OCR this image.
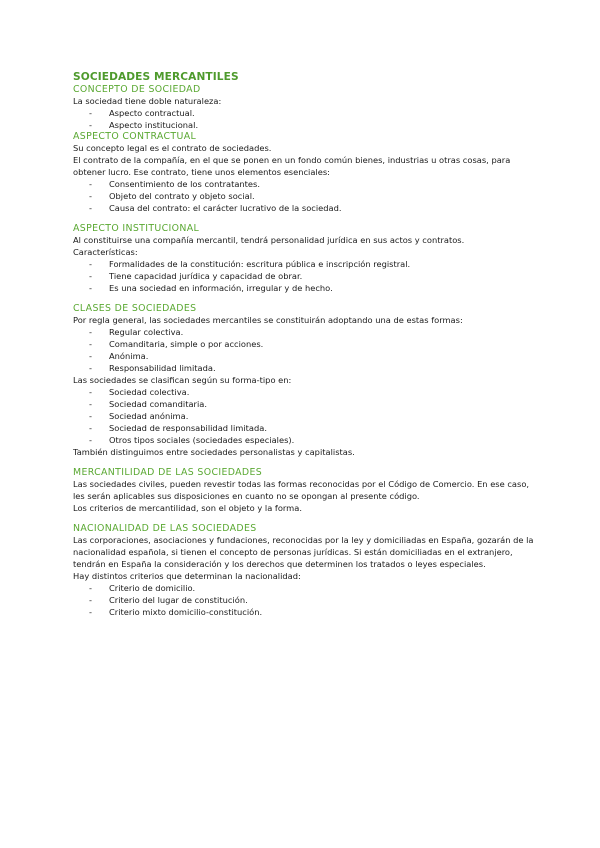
SOCIEDADES MERCANTILES
CONCEPTO DE SOCIEDAD

La sociedad tiene doble naturaleza:

- Aspecto contractual.
- Aspecto institucional.
ASPECTO CONTRACTUAL

Su concepto legal es el contrato de sociedades.

El contrato de la compañía, en el que se ponen en un fondo común bienes, industrias u otras cosas, para obtener lucro. Ese contrato, tiene unos elementos esenciales:

- Consentimiento de los contratantes.
- Objeto del contrato y objeto social.
- Causa del contrato: el carácter lucrativo de la sociedad.
ASPECTO INSTITUCIONAL

Al constituirse una compañía mercantil, tendrá personalidad jurídica en sus actos y contratos.

Características:

- Formalidades de la constitución: escritura pública e inscripción registral.
- Tiene capacidad jurídica y capacidad de obrar.
- Es una sociedad en información, irregular y de hecho.
CLASES DE SOCIEDADES

Por regla general, las sociedades mercantiles se constituirán adoptando una de estas formas:

- Regular colectiva.
- Comanditaria, simple o por acciones.
- Anónima.
- Responsabilidad limitada.

Las sociedades se clasifican según su forma-tipo en:

- Sociedad colectiva.
- Sociedad comanditaria.
- Sociedad anónima.
- Sociedad de responsabilidad limitada.
- Otros tipos sociales (sociedades especiales).

También distinguimos entre sociedades personalistas y capitalistas.

MERCANTILIDAD DE LAS SOCIEDADES

Las sociedades civiles, pueden revestir todas las formas reconocidas por el Código de Comercio. En ese caso, les serán aplicables sus disposiciones en cuanto no se opongan al presente código.

Los criterios de mercantilidad, son el objeto y la forma.

NACIONALIDAD DE LAS SOCIEDADES

Las corporaciones, asociaciones y fundaciones, reconocidas por la ley y domiciliadas en España, gozarán de la nacionalidad española, si tienen el concepto de personas jurídicas. Si están domiciliadas en el extranjero, tendrán en España la consideración y los derechos que determinen los tratados o leyes especiales.

Hay distintos criterios que determinan la nacionalidad:

- Criterio de domicilio.
- Criterio del lugar de constitución.
- Criterio mixto domicilio-constitución.
